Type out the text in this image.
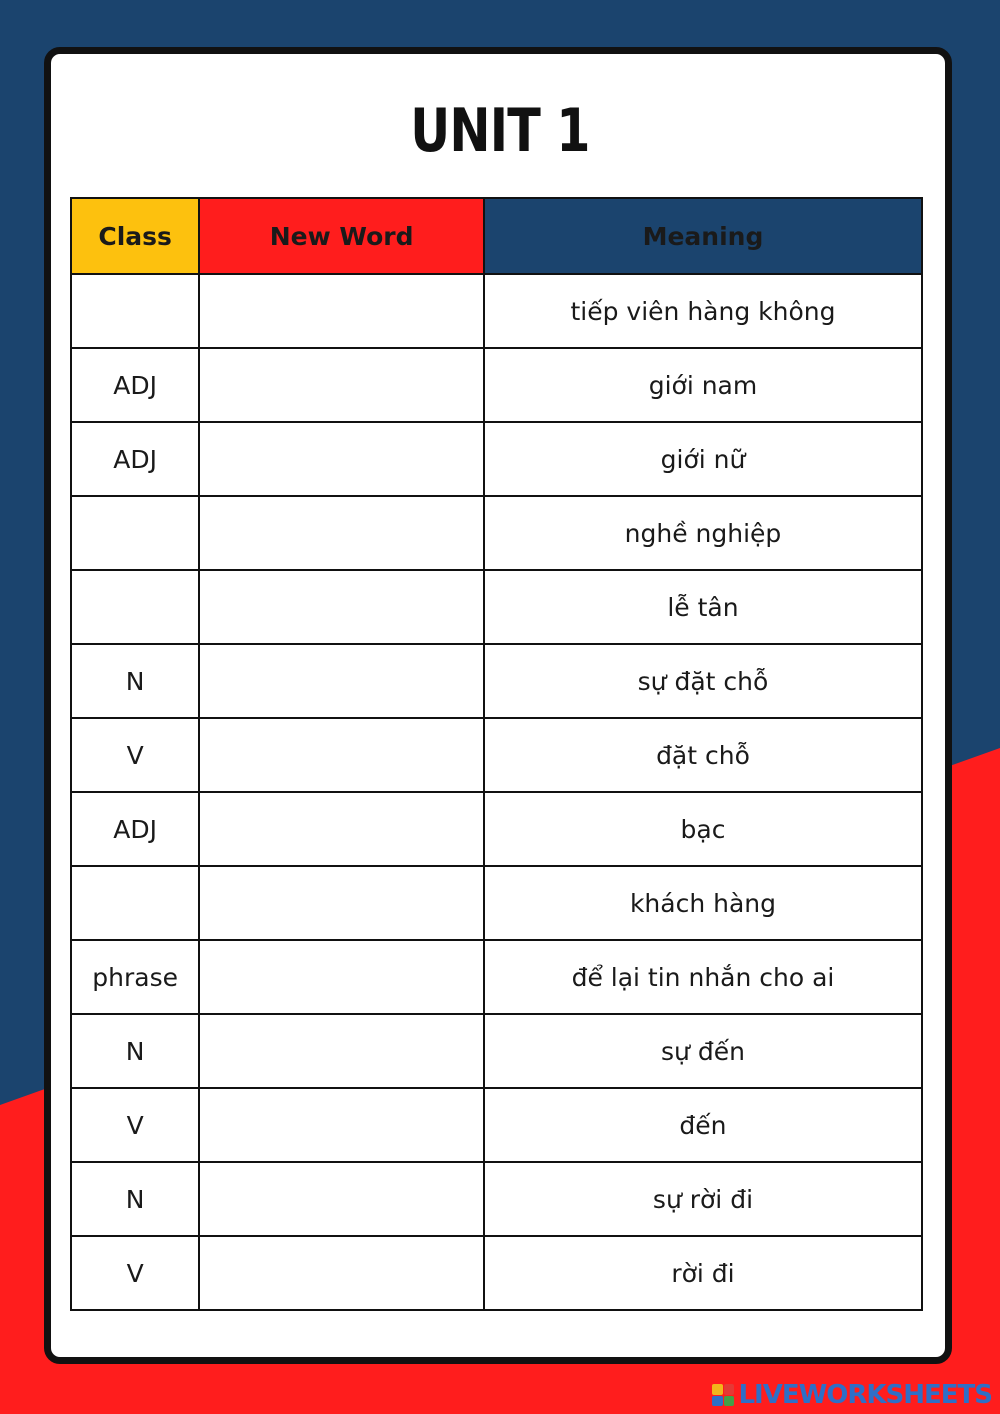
UNIT 1
Class	New Word	Meaning
		tiếp viên hàng không
ADJ		giới nam
ADJ		giới nữ
		nghề nghiệp
		lễ tân
N		sự đặt chỗ
V		đặt chỗ
ADJ		bạc
		khách hàng
phrase		để lại tin nhắn cho ai
N		sự đến
V		đến
N		sự rời đi
V		rời đi
LIVEWORKSHEETS
